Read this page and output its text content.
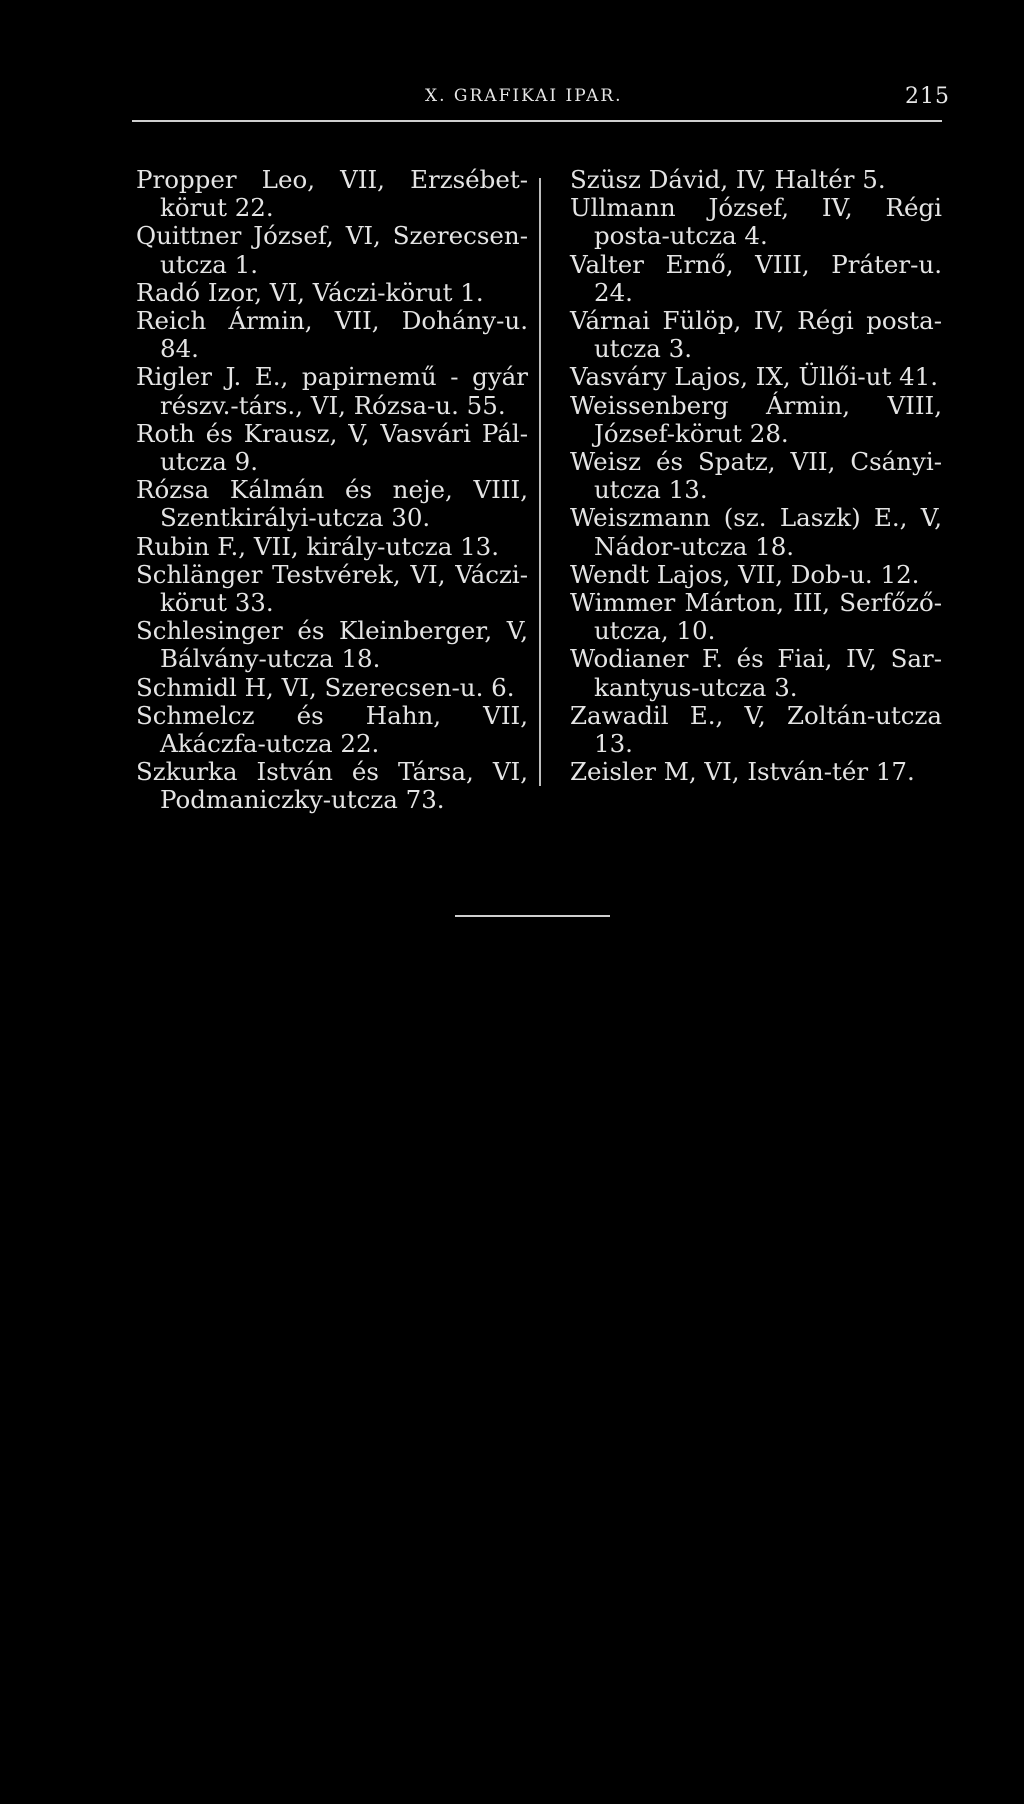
X. GRAFIKAI IPAR.	215

Propper Leo, VII, Erzsébet-körut 22.

Quittner József, VI, Szerecsen-utcza 1.

Radó Izor, VI, Váczi-körut 1.

Reich Ármin, VII, Dohány-u. 84.

Rigler J. E., papirnemű - gyár részv.-társ., VI, Rózsa-u. 55.

Roth és Krausz, V, Vasvári Pál-utcza 9.

Rózsa Kálmán és neje, VIII, Szentkirályi-utcza 30.

Rubin F., VII, király-utcza 13.

Schlänger Testvérek, VI, Váczi-körut 33.

Schlesinger és Kleinberger, V, Bálvány-utcza 18.

Schmidl H, VI, Szerecsen-u. 6.

Schmelcz és Hahn, VII, Akáczfa-utcza 22.

Szkurka István és Társa, VI, Podmaniczky-utcza 73.

Szüsz Dávid, IV, Haltér 5.

Ullmann József, IV, Régi posta-utcza 4.

Valter Ernő, VIII, Práter-u. 24.

Várnai Fülöp, IV, Régi posta-utcza 3.

Vasváry Lajos, IX, Üllői-ut 41.

Weissenberg Ármin, VIII, József-körut 28.

Weisz és Spatz, VII, Csányi-utcza 13.

Weiszmann (sz. Laszk) E., V, Nádor-utcza 18.

Wendt Lajos, VII, Dob-u. 12.

Wimmer Márton, III, Serfőző-utcza, 10.

Wodianer F. és Fiai, IV, Sar-kantyus-utcza 3.

Zawadil E., V, Zoltán-utcza 13.

Zeisler M, VI, István-tér 17.
